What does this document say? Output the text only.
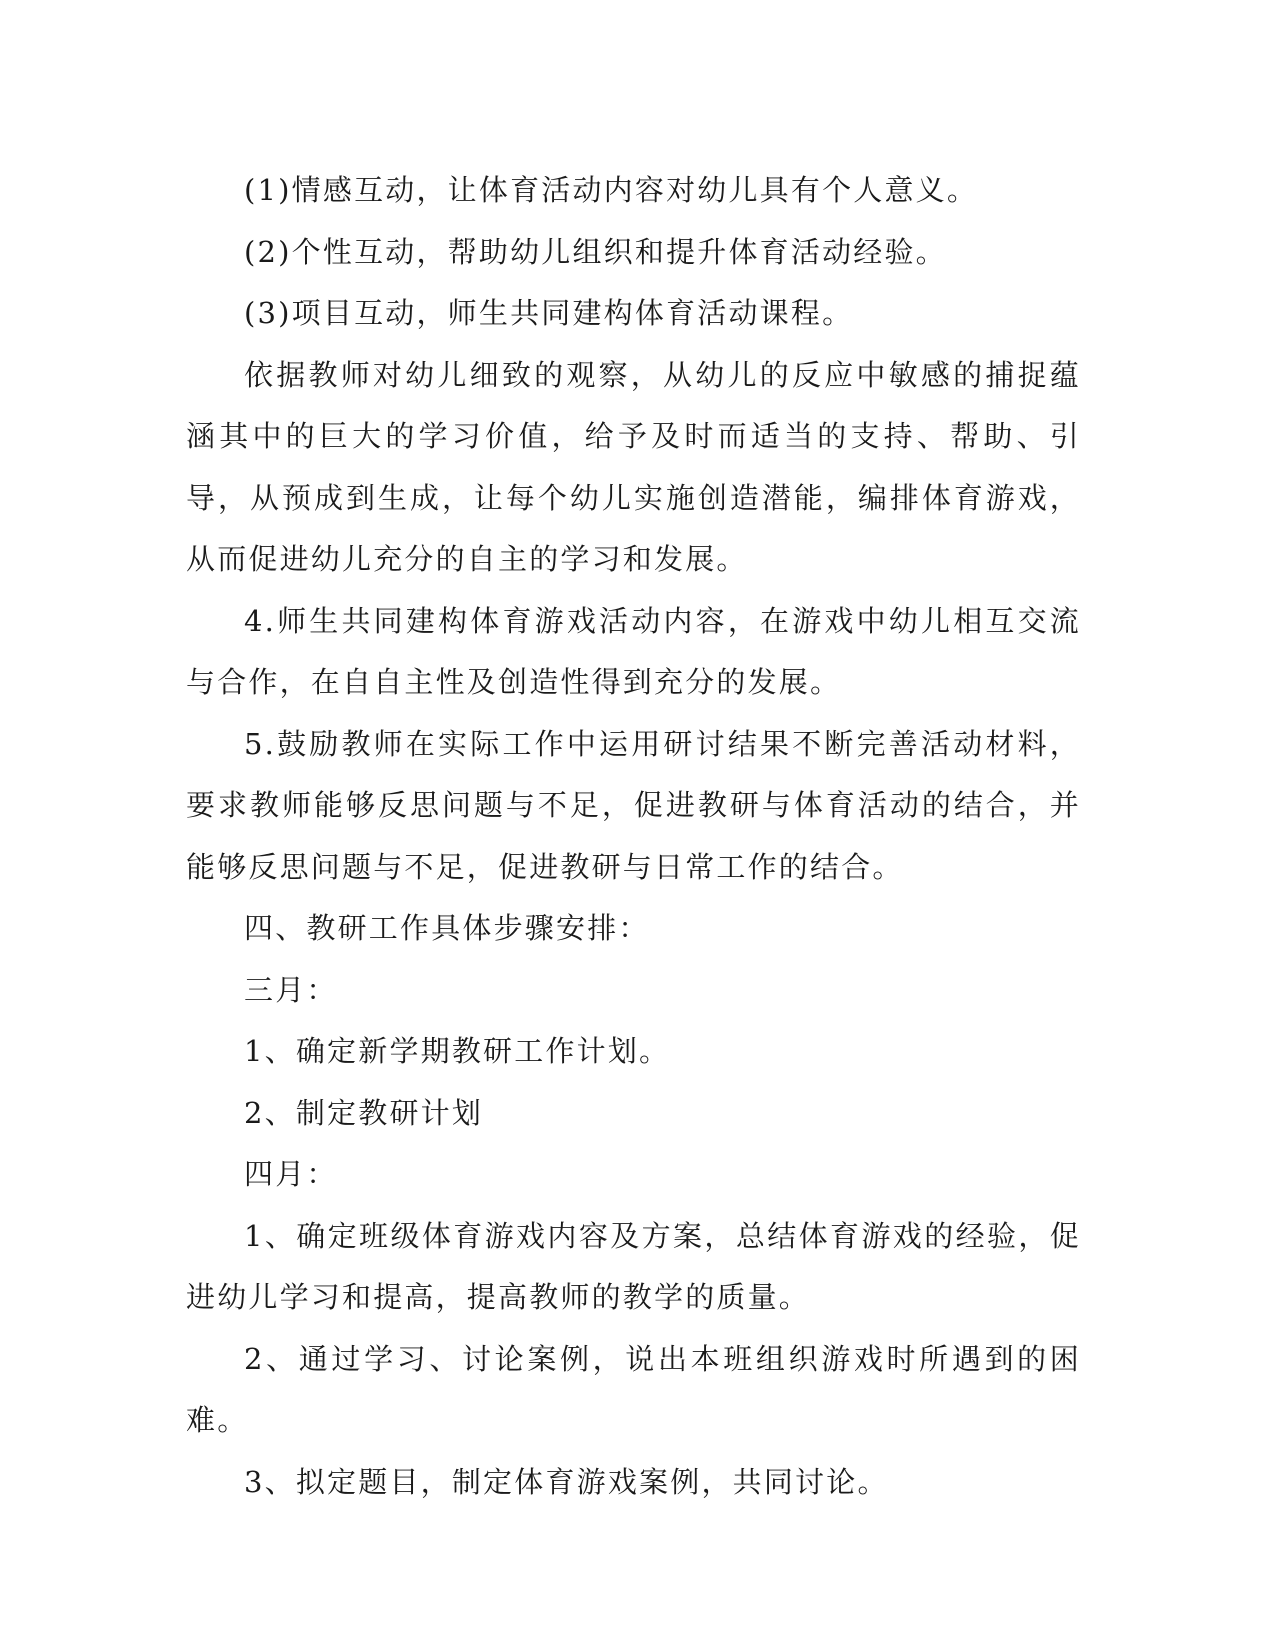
(1)情感互动，让体育活动内容对幼儿具有个人意义。

(2)个性互动，帮助幼儿组织和提升体育活动经验。

(3)项目互动，师生共同建构体育活动课程。

依据教师对幼儿细致的观察，从幼儿的反应中敏感的捕捉蕴涵其中的巨大的学习价值，给予及时而适当的支持、帮助、引导，从预成到生成，让每个幼儿实施创造潜能，编排体育游戏，从而促进幼儿充分的自主的学习和发展。

4.师生共同建构体育游戏活动内容，在游戏中幼儿相互交流与合作，在自自主性及创造性得到充分的发展。

5.鼓励教师在实际工作中运用研讨结果不断完善活动材料，要求教师能够反思问题与不足，促进教研与体育活动的结合，并能够反思问题与不足，促进教研与日常工作的结合。

四、教研工作具体步骤安排：

三月：

1、确定新学期教研工作计划。

2、制定教研计划

四月：

1、确定班级体育游戏内容及方案，总结体育游戏的经验，促进幼儿学习和提高，提高教师的教学的质量。

2、通过学习、讨论案例，说出本班组织游戏时所遇到的困难。

3、拟定题目，制定体育游戏案例，共同讨论。
